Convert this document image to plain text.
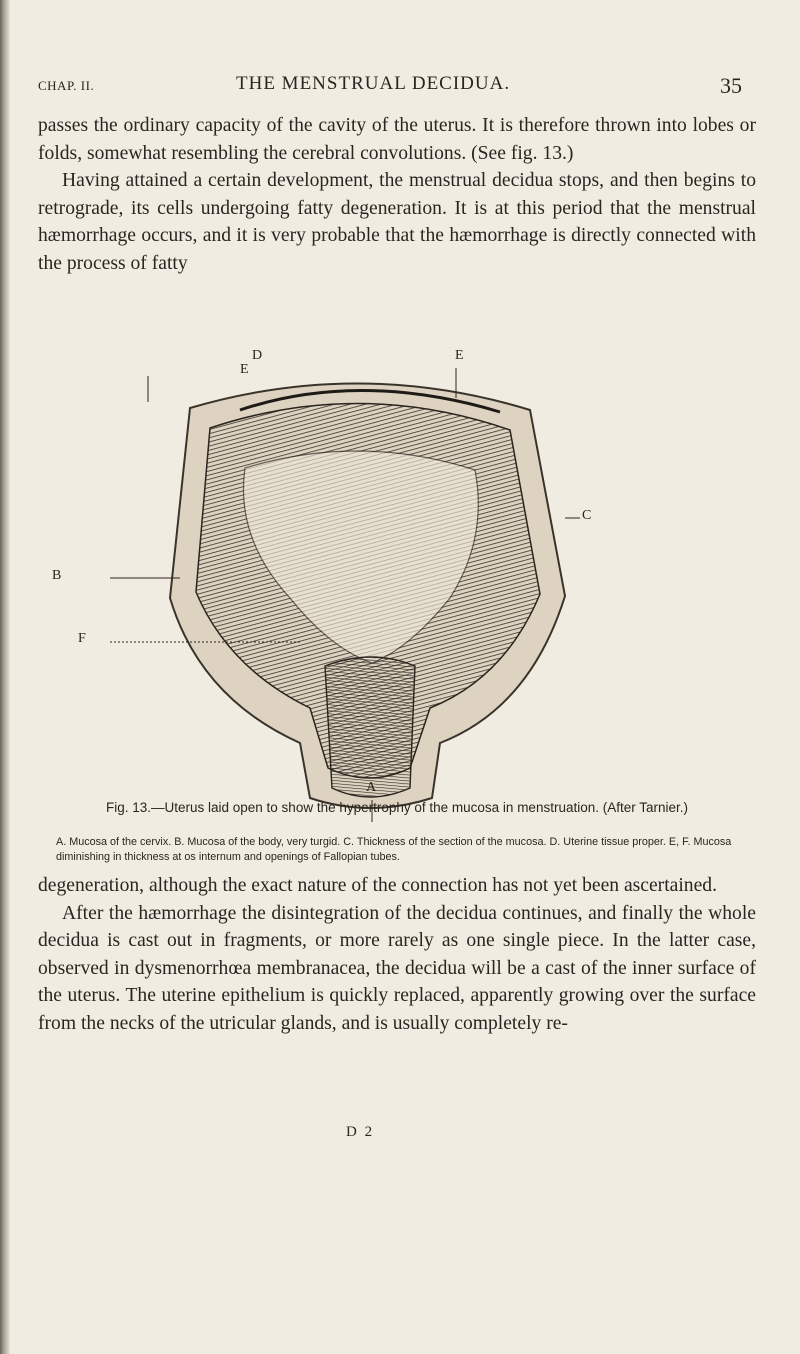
CHAP. II.	THE MENSTRUAL DECIDUA.	35

passes the ordinary capacity of the cavity of the uterus. It is therefore thrown into lobes or folds, somewhat resembling the cerebral convolutions. (See fig. 13.)

Having attained a certain development, the menstrual decidua stops, and then begins to retrograde, its cells undergoing fatty degeneration. It is at this period that the menstrual hæmorrhage occurs, and it is very probable that the hæmorrhage is directly connected with the process of fatty

D
E
E
C
B
F
A
Fig. 13.—Uterus laid open to show the hypertrophy of the mucosa in menstruation. (After Tarnier.)
A. Mucosa of the cervix. B. Mucosa of the body, very turgid. C. Thickness of the section of the mucosa. D. Uterine tissue proper. E, F. Mucosa diminishing in thickness at os internum and openings of Fallopian tubes.

degeneration, although the exact nature of the connection has not yet been ascertained.

After the hæmorrhage the disintegration of the decidua continues, and finally the whole decidua is cast out in fragments, or more rarely as one single piece. In the latter case, observed in dysmenorrhœa membranacea, the decidua will be a cast of the inner surface of the uterus. The uterine epithelium is quickly replaced, apparently growing over the surface from the necks of the utricular glands, and is usually completely re-

D 2
